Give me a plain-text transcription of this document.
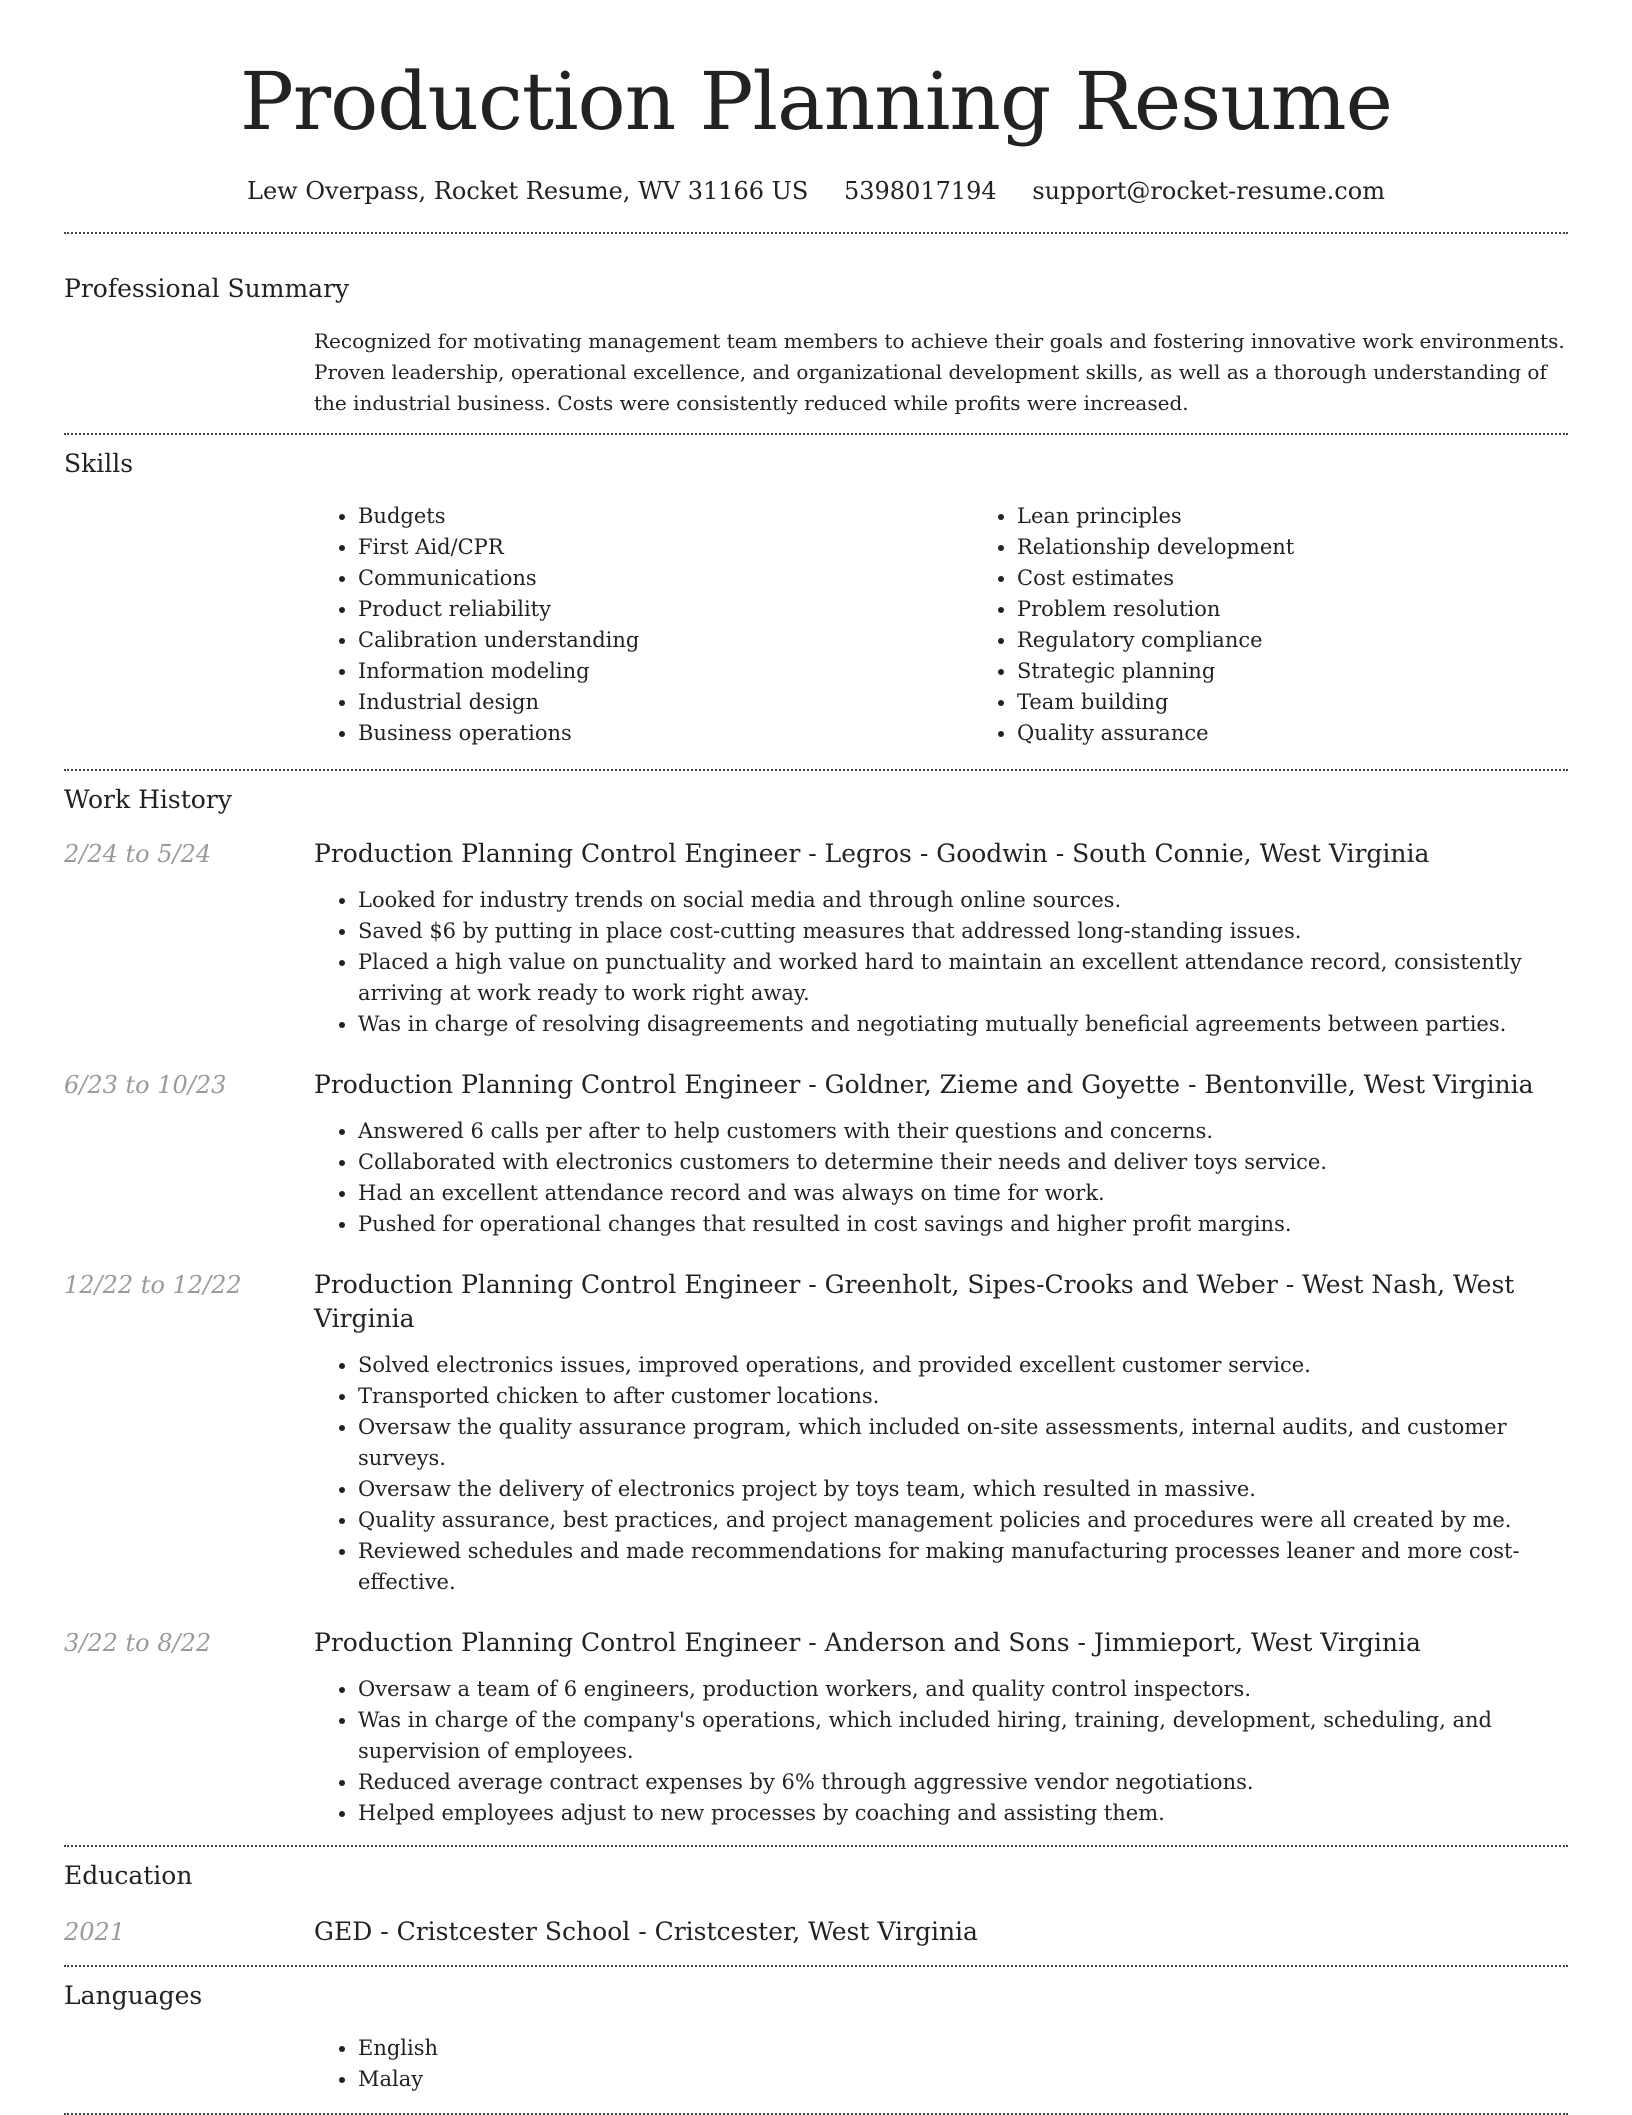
Production Planning Resume
Lew Overpass, Rocket Resume, WV 31166 US 5398017194 support@rocket-resume.com
Professional Summary

Recognized for motivating management team members to achieve their goals and fostering innovative work environments. Proven leadership, operational excellence, and organizational development skills, as well as a thorough understanding of the industrial business. Costs were consistently reduced while profits were increased.

Skills
• Budgets
• First Aid/CPR
• Communications
• Product reliability
• Calibration understanding
• Information modeling
• Industrial design
• Business operations
• Lean principles
• Relationship development
• Cost estimates
• Problem resolution
• Regulatory compliance
• Strategic planning
• Team building
• Quality assurance
Work History
2/24 to 5/24	Production Planning Control Engineer - Legros - Goodwin - South Connie, West Virginia
• Looked for industry trends on social media and through online sources.
• Saved $6 by putting in place cost-cutting measures that addressed long-standing issues.
• Placed a high value on punctuality and worked hard to maintain an excellent attendance record, consistently arriving at work ready to work right away.
• Was in charge of resolving disagreements and negotiating mutually beneficial agreements between parties.
6/23 to 10/23	Production Planning Control Engineer - Goldner, Zieme and Goyette - Bentonville, West Virginia
• Answered 6 calls per after to help customers with their questions and concerns.
• Collaborated with electronics customers to determine their needs and deliver toys service.
• Had an excellent attendance record and was always on time for work.
• Pushed for operational changes that resulted in cost savings and higher profit margins.
12/22 to 12/22	Production Planning Control Engineer - Greenholt, Sipes-Crooks and Weber - West Nash, West Virginia
• Solved electronics issues, improved operations, and provided excellent customer service.
• Transported chicken to after customer locations.
• Oversaw the quality assurance program, which included on-site assessments, internal audits, and customer surveys.
• Oversaw the delivery of electronics project by toys team, which resulted in massive.
• Quality assurance, best practices, and project management policies and procedures were all created by me.
• Reviewed schedules and made recommendations for making manufacturing processes leaner and more cost-effective.
3/22 to 8/22	Production Planning Control Engineer - Anderson and Sons - Jimmieport, West Virginia
• Oversaw a team of 6 engineers, production workers, and quality control inspectors.
• Was in charge of the company's operations, which included hiring, training, development, scheduling, and supervision of employees.
• Reduced average contract expenses by 6% through aggressive vendor negotiations.
• Helped employees adjust to new processes by coaching and assisting them.
Education
2021	GED - Cristcester School - Cristcester, West Virginia
Languages
• English
• Malay
